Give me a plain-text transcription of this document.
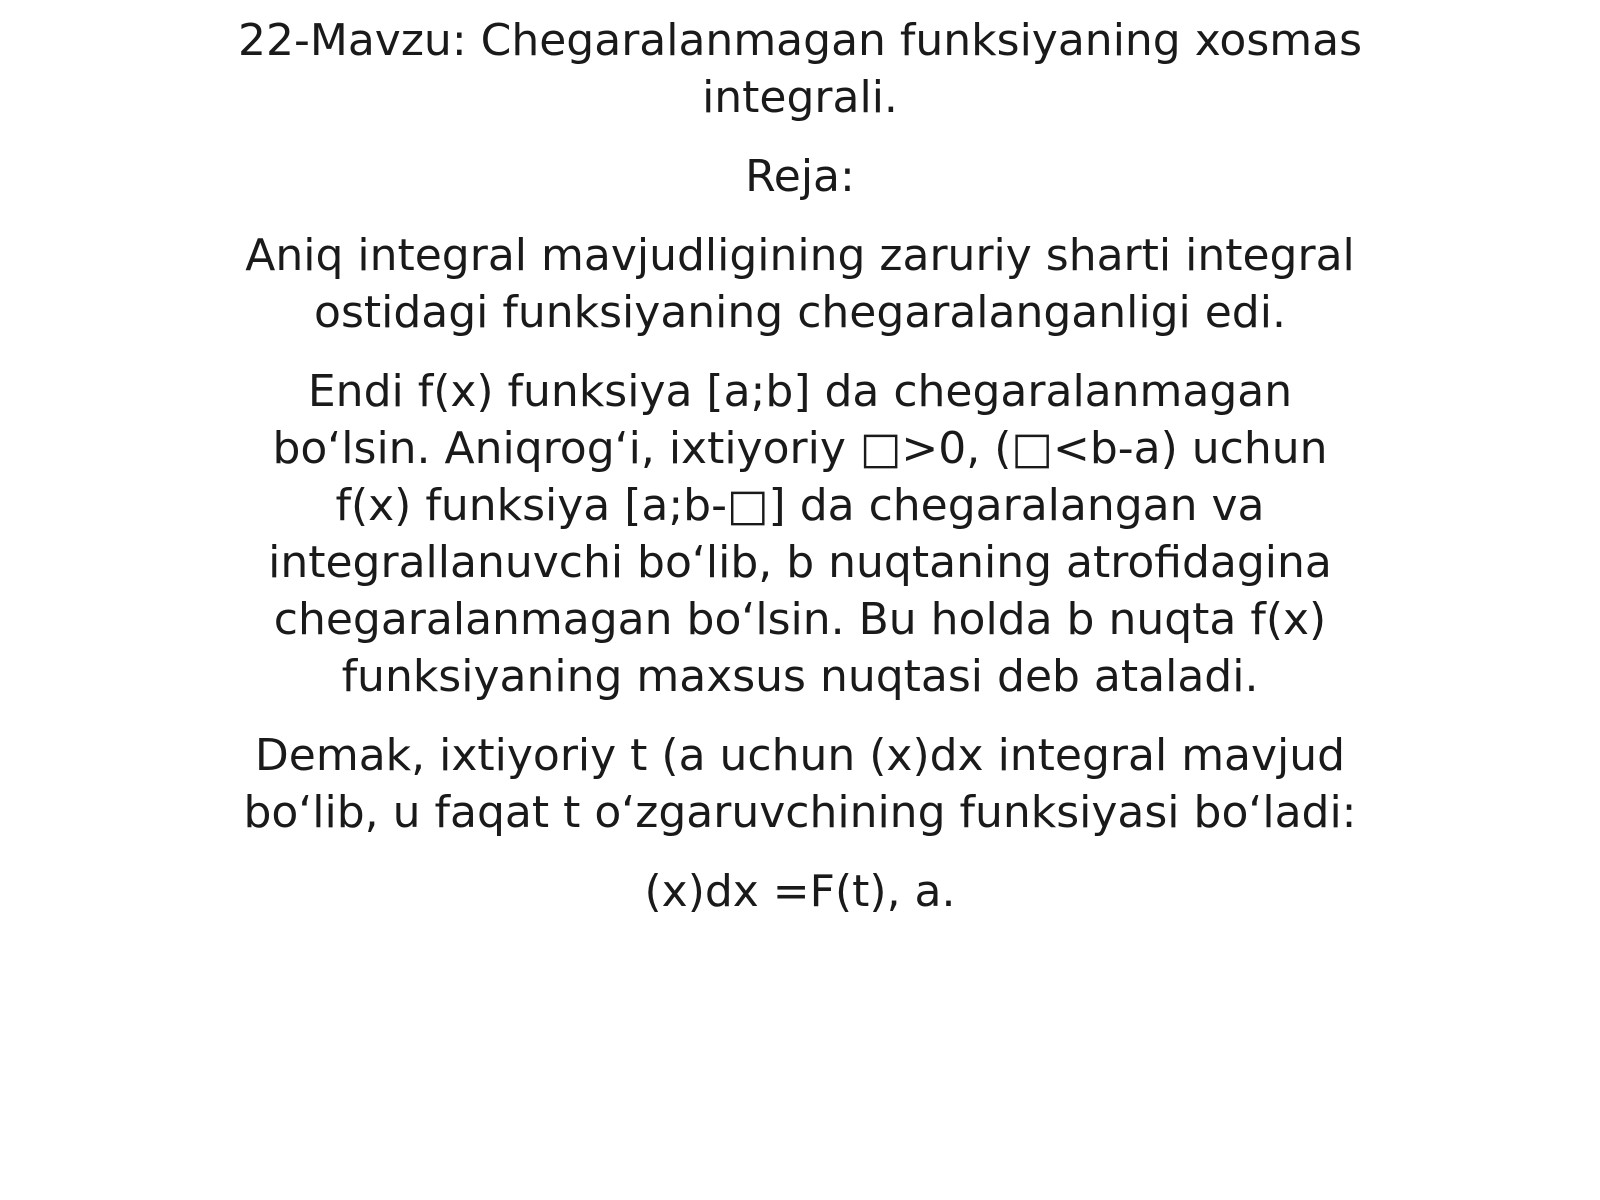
22-Mavzu: Chegaralanmagan funksiyaning xosmas integrali.

Reja:

Aniq integral mavjudligining zaruriy sharti integral ostidagi funksiyaning chegaralanganligi edi.

Endi f(x) funksiya [a;b] da chegaralanmagan bo‘lsin. Aniqrog‘i, ixtiyoriy □>0, (□<b-a) uchun f(x) funksiya [a;b-□] da chegaralangan va integrallanuvchi bo‘lib, b nuqtaning atrofidagina chegaralanmagan bo‘lsin. Bu holda b nuqta f(x) funksiyaning maxsus nuqtasi deb ataladi.

Demak, ixtiyoriy t (a uchun (x)dx integral mavjud bo‘lib, u faqat t o‘zgaruvchining funksiyasi bo‘ladi:

(x)dx =F(t), a.
